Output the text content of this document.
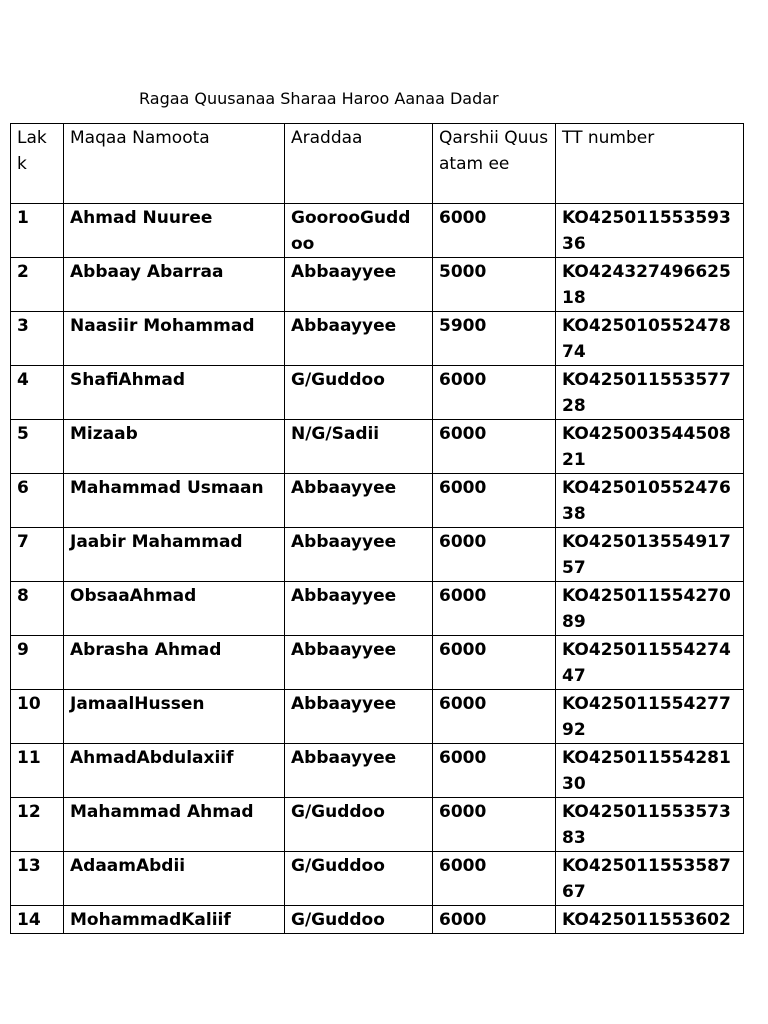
Ragaa Quusanaa Sharaa Haroo Aanaa Dadar
Lak k	Maqaa Namoota	Araddaa	Qarshii Quusatam ee	TT number
1	Ahmad Nuuree	GoorooGudd oo	6000	KO425011553593 36
2	Abbaay Abarraa	Abbaayyee	5000	KO424327496625 18
3	Naasiir Mohammad	Abbaayyee	5900	KO425010552478 74
4	ShafiAhmad	G/Guddoo	6000	KO425011553577 28
5	Mizaab	N/G/Sadii	6000	KO425003544508 21
6	Mahammad Usmaan	Abbaayyee	6000	KO425010552476 38
7	Jaabir Mahammad	Abbaayyee	6000	KO425013554917 57
8	ObsaaAhmad	Abbaayyee	6000	KO425011554270 89
9	Abrasha Ahmad	Abbaayyee	6000	KO425011554274 47
10	JamaalHussen	Abbaayyee	6000	KO425011554277 92
11	AhmadAbdulaxiif	Abbaayyee	6000	KO425011554281 30
12	Mahammad Ahmad	G/Guddoo	6000	KO425011553573 83
13	AdaamAbdii	G/Guddoo	6000	KO425011553587 67
14	MohammadKaliif	G/Guddoo	6000	KO425011553602
